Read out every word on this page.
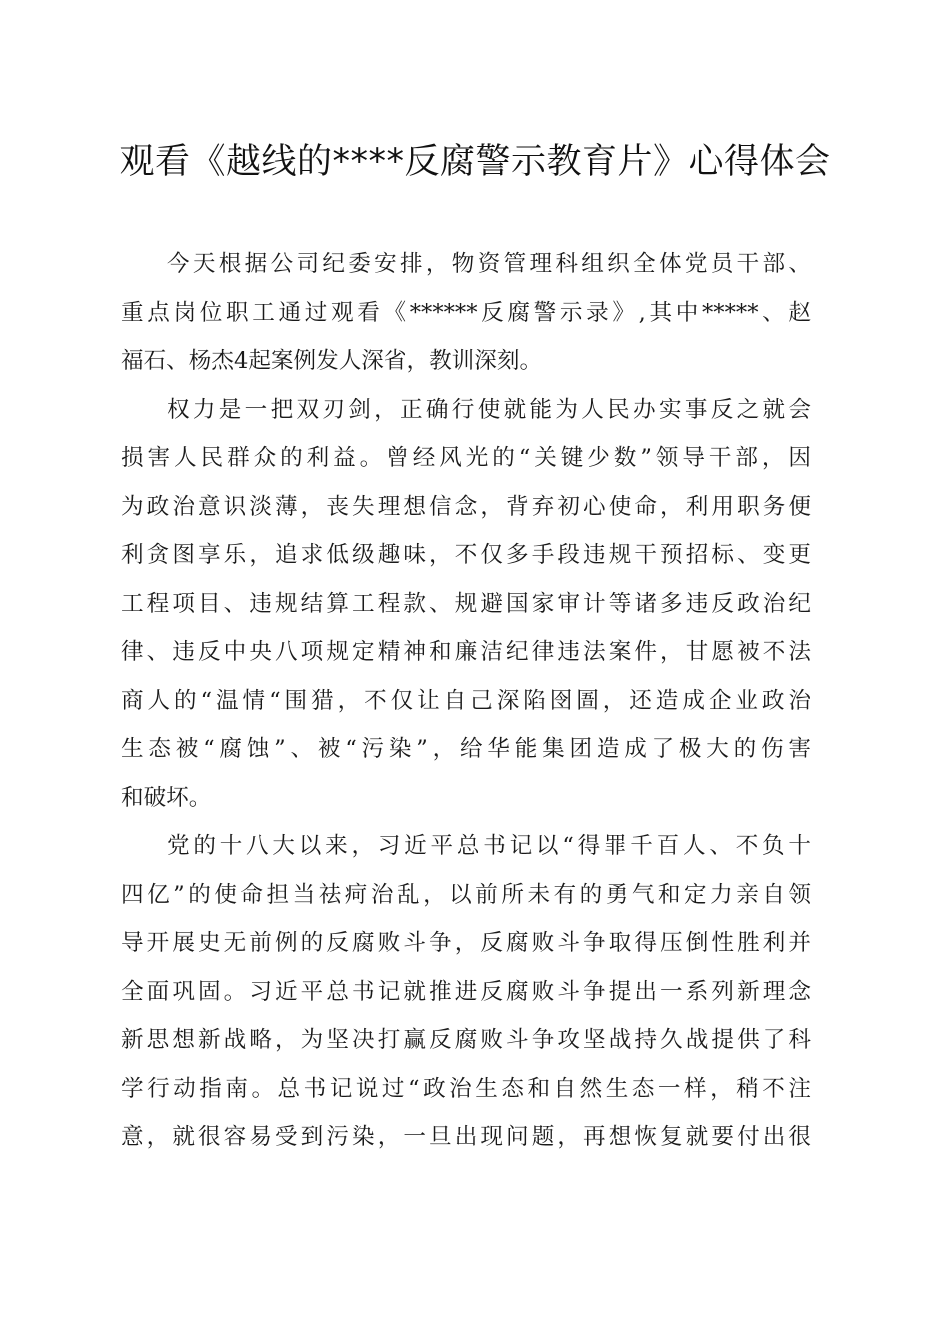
观看《越线的****反腐警示教育片》心得体会
今天根据公司纪委安排，物资管理科组织全体党员干部、
重点岗位职工通过观看《******反腐警示录》,其中*****、赵
福石、杨杰4起案例发人深省，教训深刻。
权力是一把双刃剑，正确行使就能为人民办实事反之就会
损害人民群众的利益。曾经风光的“关键少数”领导干部，因
为政治意识淡薄，丧失理想信念，背弃初心使命，利用职务便
利贪图享乐，追求低级趣味，不仅多手段违规干预招标、变更
工程项目、违规结算工程款、规避国家审计等诸多违反政治纪
律、违反中央八项规定精神和廉洁纪律违法案件，甘愿被不法
商人的“温情“围猎，不仅让自己深陷囹圄，还造成企业政治
生态被“腐蚀”、被“污染”，给华能集团造成了极大的伤害
和破坏。
党的十八大以来，习近平总书记以“得罪千百人、不负十
四亿”的使命担当祛疴治乱，以前所未有的勇气和定力亲自领
导开展史无前例的反腐败斗争，反腐败斗争取得压倒性胜利并
全面巩固。习近平总书记就推进反腐败斗争提出一系列新理念
新思想新战略，为坚决打赢反腐败斗争攻坚战持久战提供了科
学行动指南。总书记说过“政治生态和自然生态一样，稍不注
意，就很容易受到污染，一旦出现问题，再想恢复就要付出很
